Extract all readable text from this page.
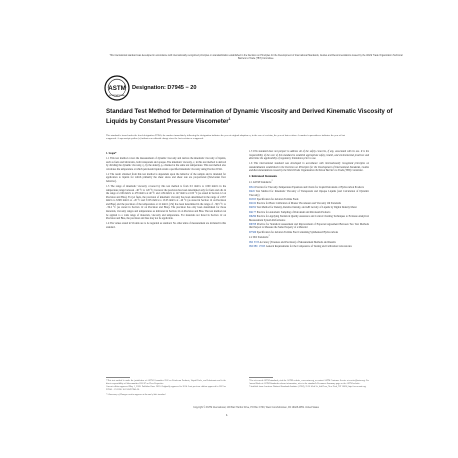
This international standard was developed in accordance with internationally recognized principles on standardization established in the Decision on Principles for the Development of International Standards, Guides and Recommendations issued by the World Trade Organization Technical Barriers to Trade (TBT) Committee.
ASTM
INTERNATIONAL
Designation: D7945 − 20
Standard Test Method for Determination of Dynamic Viscosity and Derived Kinematic Viscosity of Liquids by Constant Pressure Viscometer$^1$
This standard is issued under the fixed designation D7945; the number immediately following the designation indicates the year of original adoption or, in the case of revision, the year of last revision. A number in parentheses indicates the year of last reapproval. A superscript epsilon (ε) indicates an editorial change since the last revision or reapproval.
1. Scope*

1.1 This test method covers the measurement of dynamic viscosity and derives the kinematic viscosity of liquids, such as fuels and lubricants, both transparent and opaque. The kinematic viscosity, ν, in this test method is derived by dividing the dynamic viscosity, η, by the density, ρ, obtained at the same test temperature. This test method also calculates the temperature at which petroleum liquids attain a specified kinematic viscosity using Practice D341.

1.2 The result obtained from this test method is dependent upon the behavior of the sample and is intended for application to liquids for which primarily the shear stress and shear rate are proportional (Newtonian flow behavior).

1.3 The range of kinematic viscosity covered by this test method is from 0.5 mm²/s to 1000 mm²/s in the temperature range between −40 °C to 120 °C; however the precision has been determined only for fuels and oils in the range of 2.06 mm²/s to 478 mm²/s at 40 °C and 1.09 mm²/s to 147 mm²/s at 100 °C (as stated in Section 12 on Precision and Bias). For jet fuels, the precision of kinematic viscosity has been determined in the range of 2.957 mm²/s to 8.805 mm²/s at −20 °C and 5.505 mm²/s to 15.03 mm²/s at −40 °C (as stated in Section 12 on Precision and Bias) and the precision of the temperature at 12 mm²/s (cSt) has been determined in the range of −38.5 °C to −59.2 °C (as stated in Section 12 on Precision and Bias). The precision has only been determined for those materials, viscosity ranges and temperatures as indicated in Section 12 on Precision and Bias. The test method can be applied to a wide range of materials, viscosity and temperature. For materials not listed in Section 12 on Precision and Bias, the precision and bias may not be applicable.

1.4 The values stated in SI units are to be regarded as standard. No other units of measurement are included in this standard.

1.5 This standard does not purport to address all of the safety concerns, if any, associated with its use. It is the responsibility of the user of this standard to establish appropriate safety, health, and environmental practices and determine the applicability of regulatory limitations prior to use.

1.6 This international standard was developed in accordance with internationally recognized principles on standardization established in the Decision on Principles for the Development of International Standards, Guides and Recommendations issued by the World Trade Organization Technical Barriers to Trade (TBT) Committee.

2. Referenced Documents
2.1 ASTM Standards:$^2$
D341 Practice for Viscosity-Temperature Equations and Charts for Liquid Petroleum or Hydrocarbon Products
D445 Test Method for Kinematic Viscosity of Transparent and Opaque Liquids (and Calculation of Dynamic Viscosity)
D1655 Specification for Aviation Turbine Fuels
D2162 Practice for Basic Calibration of Master Viscometers and Viscosity Oil Standards
D4052 Test Method for Density, Relative Density, and API Gravity of Liquids by Digital Density Meter
D4177 Practice for Automatic Sampling of Petroleum and Petroleum Products
D6299 Practice for Applying Statistical Quality Assurance and Control Charting Techniques to Evaluate Analytical Measurement System Performance
D6708 Practice for Statistical Assessment and Improvement of Expected Agreement Between Two Test Methods that Purport to Measure the Same Property of a Material
D7566 Specification for Aviation Turbine Fuel Containing Synthesized Hydrocarbons
2.2 ISO Standards:$^3$
ISO 5725 Accuracy (Trueness and Precision) of Measurement Methods and Results
ISO/IEC 17025 General Requirements for the Competence of Testing and Calibration Laboratories
¹ This test method is under the jurisdiction of ASTM Committee D02 on Petroleum Products, Liquid Fuels, and Lubricants and is the direct responsibility of Subcommittee D02.07 on Flow Properties.
Current edition approved May 1, 2020. Published June 2020. Originally approved in 2014. Last previous edition approved in 2019 as D7945 – 19. DOI: 10.1520/D7945-20.
*A Summary of Changes section appears at the end of this standard
² For referenced ASTM standards, visit the ASTM website, www.astm.org, or contact ASTM Customer Service at service@astm.org. For Annual Book of ASTM Standards volume information, refer to the standard's Document Summary page on the ASTM website.
³ Available from American National Standards Institute (ANSI), 25 W. 43rd St., 4th Floor, New York, NY 10036, http://www.ansi.org.
Copyright © ASTM International, 100 Barr Harbor Drive, PO Box C700, West Conshohocken, PA 19428-2959. United States
1
